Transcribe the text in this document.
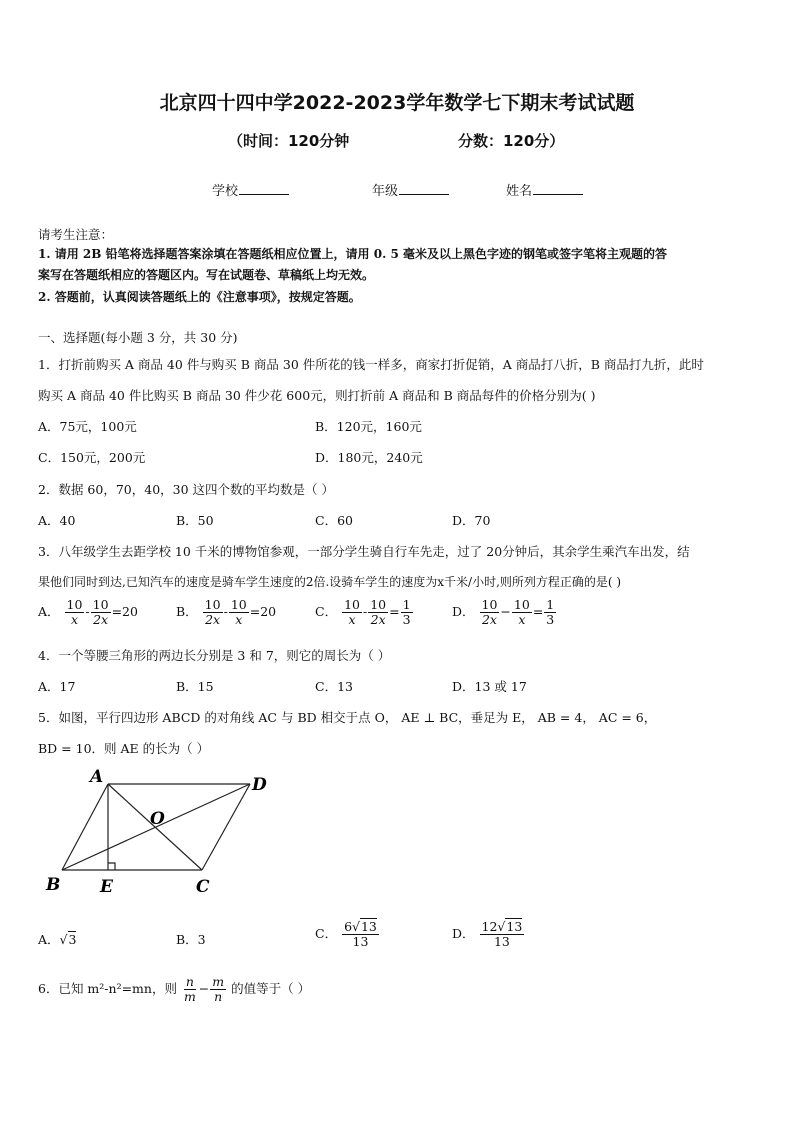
北京四十四中学2022-2023学年数学七下期末考试试题
（时间：120分钟	分数：120分）
学校	年级	姓名
请考生注意：
1. 请用 2B 铅笔将选择题答案涂填在答题纸相应位置上，请用 0. 5 毫米及以上黑色字迹的钢笔或签字笔将主观题的答
案写在答题纸相应的答题区内。写在试题卷、草稿纸上均无效。
2. 答题前，认真阅读答题纸上的《注意事项》，按规定答题。
一、选择题(每小题 3 分，共 30 分)
1．打折前购买 A 商品 40 件与购买 B 商品 30 件所花的钱一样多，商家打折促销，A 商品打八折，B 商品打九折，此时
购买 A 商品 40 件比购买 B 商品 30 件少花 600元，则打折前 A 商品和 B 商品每件的价格分别为( )
A．75元，100元	B．120元，160元
C．150元，200元	D．180元，240元
2．数据 60，70，40，30 这四个数的平均数是（ ）
A．40	B．50	C．60	D．70
3．八年级学生去距学校 10 千米的博物馆参观，一部分学生骑自行车先走，过了 20分钟后，其余学生乘汽车出发，结
果他们同时到达,已知汽车的速度是骑车学生速度的2倍.设骑车学生的速度为x千米/小时,则所列方程正确的是( )
A． $\frac{10}{x} - \frac{10}{2x} =20$	B． $\frac{10}{2x} - \frac{10}{x} =20$	C． $\frac{10}{x} - \frac{10}{2x} = \frac{1}{3}$	D． $\frac{10}{2x} - \frac{10}{x} = \frac{1}{3}$
4．一个等腰三角形的两边长分别是 3 和 7，则它的周长为（ ）
A．17	B．15	C．13	D．13 或 17
5．如图，平行四边形 ABCD 的对角线 AC 与 BD 相交于点 O， AE ⊥ BC，垂足为 E， AB = 4， AC = 6，
BD = 10．则 AE 的长为（ ）
A	D
O
B E	C
A．√3	B．3	C． $\frac{6√13}{13}$	D． $\frac{12√13}{13}$
6．已知 m²-n²=mn，则 $\frac{n}{m} - \frac{m}{n}$ 的值等于（ ）
